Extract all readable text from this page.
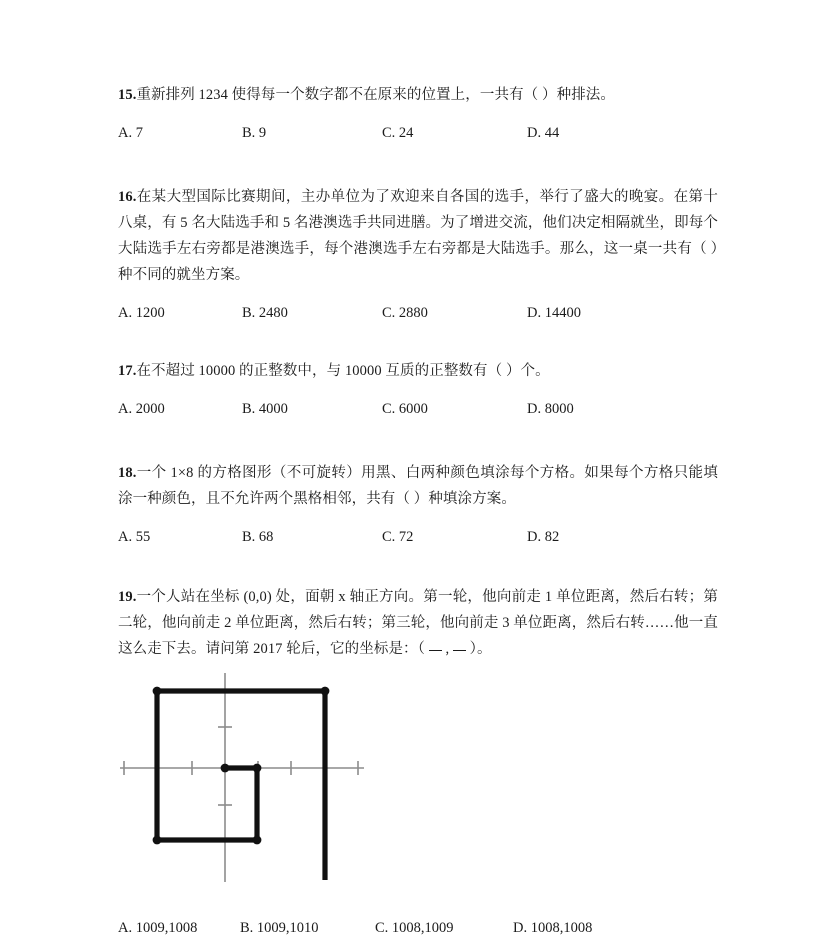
15.重新排列 1234 使得每一个数字都不在原来的位置上，一共有（ ）种排法。
A. 7	B. 9	C. 24	D. 44
16.在某大型国际比赛期间，主办单位为了欢迎来自各国的选手，举行了盛大的晚宴。在第十八桌，有 5 名大陆选手和 5 名港澳选手共同进膳。为了增进交流，他们决定相隔就坐，即每个大陆选手左右旁都是港澳选手，每个港澳选手左右旁都是大陆选手。那么，这一桌一共有（ ）种不同的就坐方案。
A. 1200	B. 2480	C. 2880	D. 14400
17.在不超过 10000 的正整数中，与 10000 互质的正整数有（ ）个。
A. 2000	B. 4000	C. 6000	D. 8000
18.一个 1×8 的方格图形（不可旋转）用黑、白两种颜色填涂每个方格。如果每个方格只能填涂一种颜色，且不允许两个黑格相邻，共有（ ）种填涂方案。
A. 55	B. 68	C. 72	D. 82
19.一个人站在坐标 (0,0) 处，面朝 x 轴正方向。第一轮，他向前走 1 单位距离，然后右转；第二轮，他向前走 2 单位距离，然后右转；第三轮，他向前走 3 单位距离，然后右转……他一直这么走下去。请问第 2017 轮后，它的坐标是：（  ,  ）。
A. 1009,1008	B. 1009,1010	C. 1008,1009	D. 1008,1008
